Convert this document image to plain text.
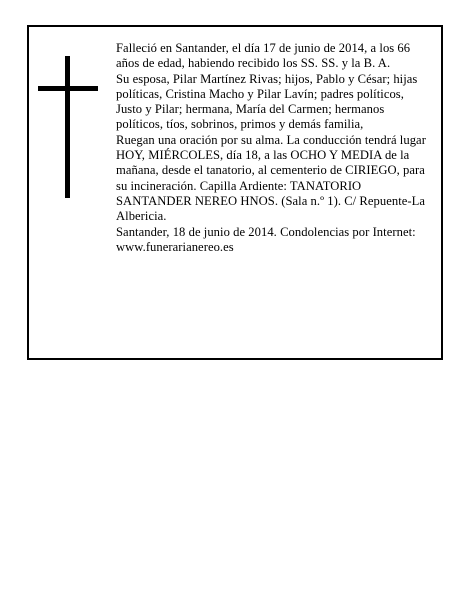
Falleció en Santander, el día 17 de junio de 2014, a los 66 años de edad, habiendo recibido los SS. SS. y la B. A.

Su esposa, Pilar Martínez Rivas; hijos, Pablo y César; hijas políticas, Cristina Macho y Pilar Lavín; padres políticos, Justo y Pilar; hermana, María del Carmen; hermanos políticos, tíos, sobrinos, primos y demás familia,

Ruegan una oración por su alma. La conducción tendrá lugar HOY, MIÉRCOLES, día 18, a las OCHO Y MEDIA de la mañana, desde el tanatorio, al cementerio de CIRIEGO, para su incineración. Capilla Ardiente: TANATORIO SANTANDER NEREO HNOS. (Sala n.º 1). C/ Repuente-La Albericia.

Santander, 18 de junio de 2014. Condolencias por Internet: www.funerarianereo.es
